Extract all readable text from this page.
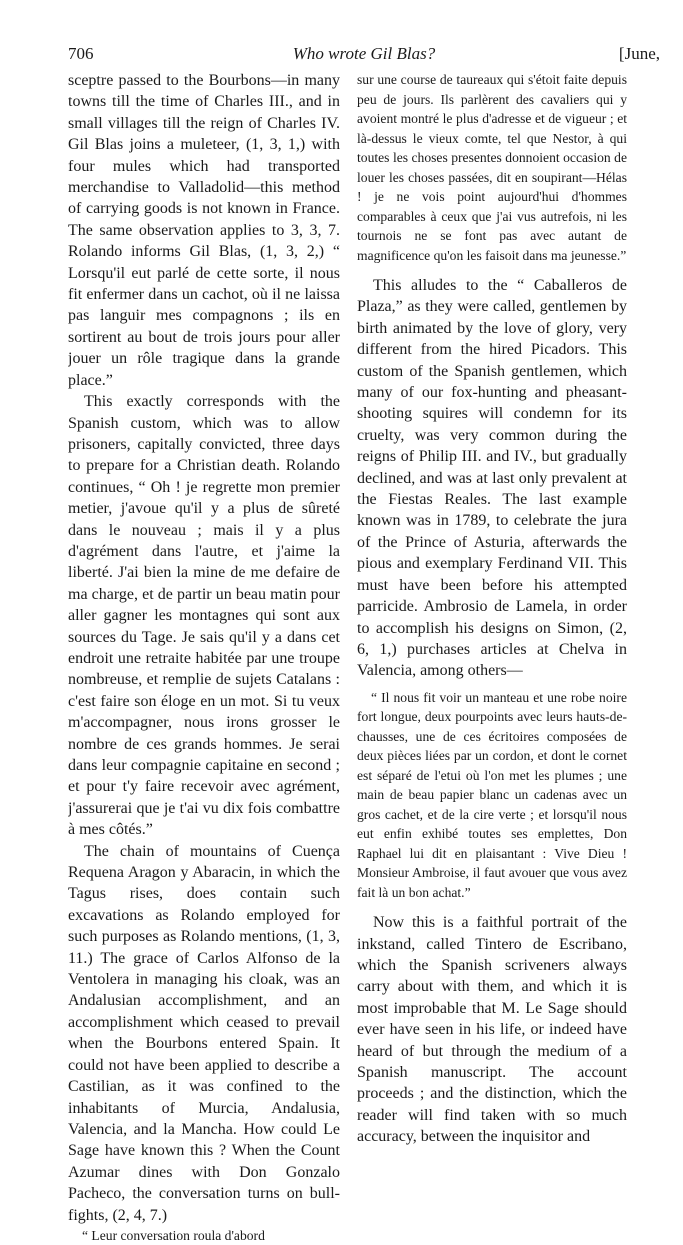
706	Who wrote Gil Blas?	[June,

sceptre passed to the Bourbons—in many towns till the time of Charles III., and in small villages till the reign of Charles IV. Gil Blas joins a muleteer, (1, 3, 1,) with four mules which had transported merchandise to Valladolid—this method of carrying goods is not known in France. The same observation applies to 3, 3, 7. Rolando informs Gil Blas, (1, 3, 2,) “ Lorsqu'il eut parlé de cette sorte, il nous fit enfermer dans un cachot, où il ne laissa pas languir mes compagnons ; ils en sortirent au bout de trois jours pour aller jouer un rôle tragique dans la grande place.”

This exactly corresponds with the Spanish custom, which was to allow prisoners, capitally convicted, three days to prepare for a Christian death. Rolando continues, “ Oh ! je regrette mon premier metier, j'avoue qu'il y a plus de sûreté dans le nouveau ; mais il y a plus d'agrément dans l'autre, et j'aime la liberté. J'ai bien la mine de me defaire de ma charge, et de partir un beau matin pour aller gagner les montagnes qui sont aux sources du Tage. Je sais qu'il y a dans cet endroit une retraite habitée par une troupe nombreuse, et remplie de sujets Catalans : c'est faire son éloge en un mot. Si tu veux m'accompagner, nous irons grosser le nombre de ces grands hommes. Je serai dans leur compagnie capitaine en second ; et pour t'y faire recevoir avec agrément, j'assurerai que je t'ai vu dix fois combattre à mes côtés.”

The chain of mountains of Cuença Requena Aragon y Abaracin, in which the Tagus rises, does contain such excavations as Rolando employed for such purposes as Rolando mentions, (1, 3, 11.) The grace of Carlos Alfonso de la Ventolera in managing his cloak, was an Andalusian accomplishment, and an accomplishment which ceased to prevail when the Bourbons entered Spain. It could not have been applied to describe a Castilian, as it was confined to the inhabitants of Murcia, Andalusia, Valencia, and la Mancha. How could Le Sage have known this ? When the Count Azumar dines with Don Gonzalo Pacheco, the conversation turns on bull-fights, (2, 4, 7.)

“ Leur conversation roula d'abord

sur une course de taureaux qui s'étoit faite depuis peu de jours. Ils parlèrent des cavaliers qui y avoient montré le plus d'adresse et de vigueur ; et là-dessus le vieux comte, tel que Nestor, à qui toutes les choses presentes donnoient occasion de louer les choses passées, dit en soupirant—Hélas ! je ne vois point aujourd'hui d'hommes comparables à ceux que j'ai vus autrefois, ni les tournois ne se font pas avec autant de magnificence qu'on les faisoit dans ma jeunesse.”

This alludes to the “ Caballeros de Plaza,” as they were called, gentlemen by birth animated by the love of glory, very different from the hired Picadors. This custom of the Spanish gentlemen, which many of our fox-hunting and pheasant-shooting squires will condemn for its cruelty, was very common during the reigns of Philip III. and IV., but gradually declined, and was at last only prevalent at the Fiestas Reales. The last example known was in 1789, to celebrate the jura of the Prince of Asturia, afterwards the pious and exemplary Ferdinand VII. This must have been before his attempted parricide. Ambrosio de Lamela, in order to accomplish his designs on Simon, (2, 6, 1,) purchases articles at Chelva in Valencia, among others—

“ Il nous fit voir un manteau et une robe noire fort longue, deux pourpoints avec leurs hauts-de-chausses, une de ces écritoires composées de deux pièces liées par un cordon, et dont le cornet est séparé de l'etui où l'on met les plumes ; une main de beau papier blanc un cadenas avec un gros cachet, et de la cire verte ; et lorsqu'il nous eut enfin exhibé toutes ses emplettes, Don Raphael lui dit en plaisantant : Vive Dieu ! Monsieur Ambroise, il faut avouer que vous avez fait là un bon achat.”

Now this is a faithful portrait of the inkstand, called Tintero de Escribano, which the Spanish scriveners always carry about with them, and which it is most improbable that M. Le Sage should ever have seen in his life, or indeed have heard of but through the medium of a Spanish manuscript. The account proceeds ; and the distinction, which the reader will find taken with so much accuracy, between the inquisitor and
